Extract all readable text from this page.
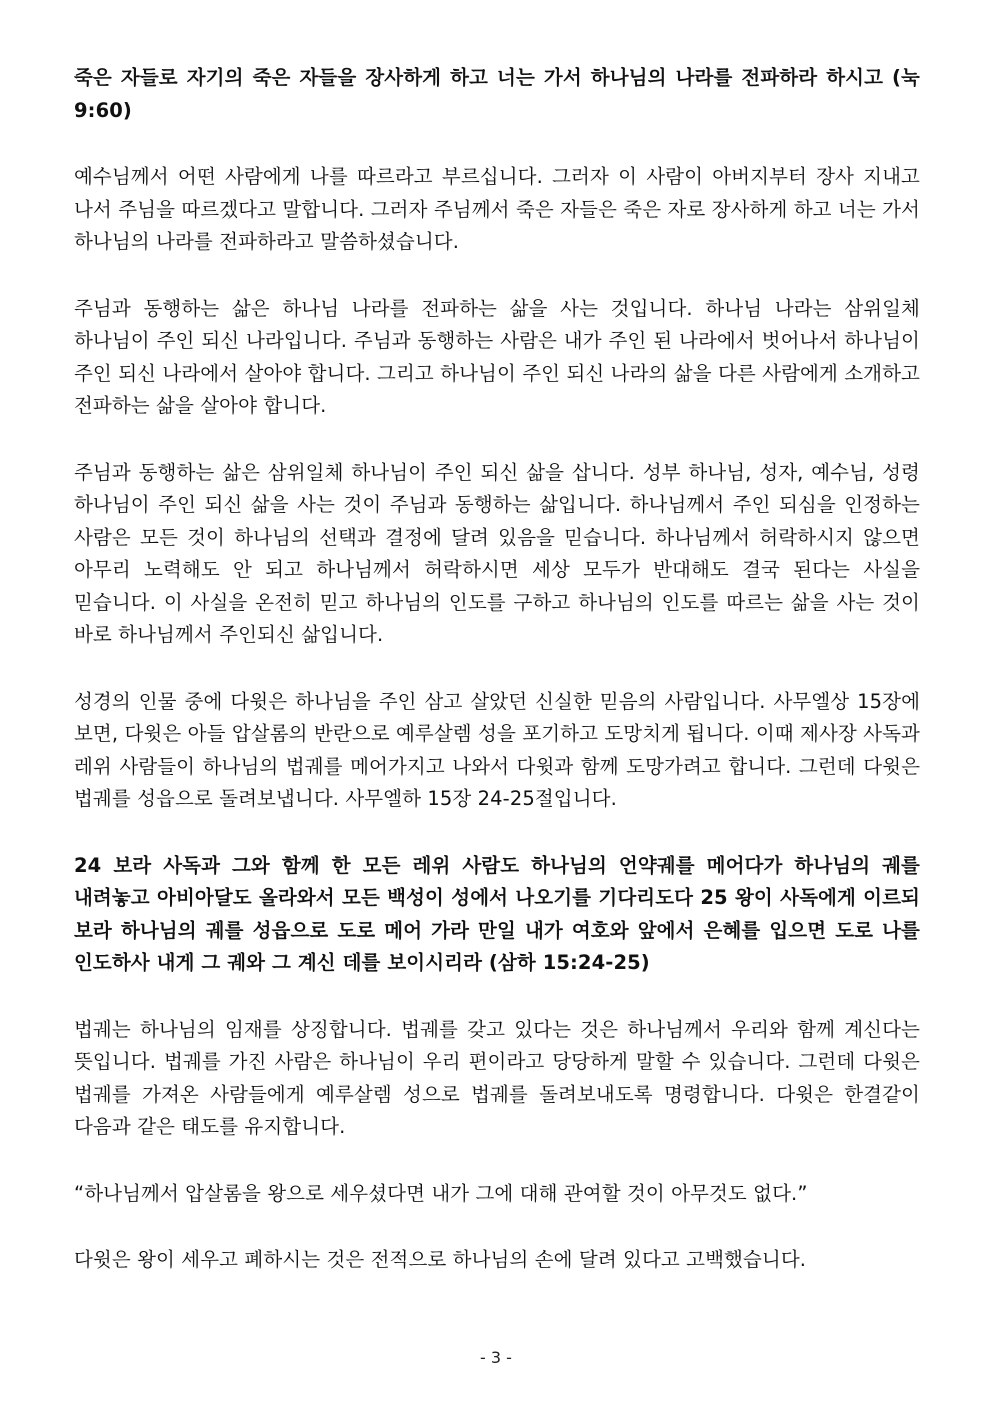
죽은 자들로 자기의 죽은 자들을 장사하게 하고 너는 가서 하나님의 나라를 전파하라 하시고 (눅 9:60)

예수님께서 어떤 사람에게 나를 따르라고 부르십니다. 그러자 이 사람이 아버지부터 장사 지내고 나서 주님을 따르겠다고 말합니다. 그러자 주님께서 죽은 자들은 죽은 자로 장사하게 하고 너는 가서 하나님의 나라를 전파하라고 말씀하셨습니다.

주님과 동행하는 삶은 하나님 나라를 전파하는 삶을 사는 것입니다. 하나님 나라는 삼위일체 하나님이 주인 되신 나라입니다. 주님과 동행하는 사람은 내가 주인 된 나라에서 벗어나서 하나님이 주인 되신 나라에서 살아야 합니다. 그리고 하나님이 주인 되신 나라의 삶을 다른 사람에게 소개하고 전파하는 삶을 살아야 합니다.

주님과 동행하는 삶은 삼위일체 하나님이 주인 되신 삶을 삽니다. 성부 하나님, 성자, 예수님, 성령 하나님이 주인 되신 삶을 사는 것이 주님과 동행하는 삶입니다. 하나님께서 주인 되심을 인정하는 사람은 모든 것이 하나님의 선택과 결정에 달려 있음을 믿습니다. 하나님께서 허락하시지 않으면 아무리 노력해도 안 되고 하나님께서 허락하시면 세상 모두가 반대해도 결국 된다는 사실을 믿습니다. 이 사실을 온전히 믿고 하나님의 인도를 구하고 하나님의 인도를 따르는 삶을 사는 것이 바로 하나님께서 주인되신 삶입니다.

성경의 인물 중에 다윗은 하나님을 주인 삼고 살았던 신실한 믿음의 사람입니다. 사무엘상 15장에 보면, 다윗은 아들 압살롬의 반란으로 예루살렘 성을 포기하고 도망치게 됩니다. 이때 제사장 사독과 레위 사람들이 하나님의 법궤를 메어가지고 나와서 다윗과 함께 도망가려고 합니다. 그런데 다윗은 법궤를 성읍으로 돌려보냅니다. 사무엘하 15장 24-25절입니다.

24 보라 사독과 그와 함께 한 모든 레위 사람도 하나님의 언약궤를 메어다가 하나님의 궤를 내려놓고 아비아달도 올라와서 모든 백성이 성에서 나오기를 기다리도다 25 왕이 사독에게 이르되 보라 하나님의 궤를 성읍으로 도로 메어 가라 만일 내가 여호와 앞에서 은혜를 입으면 도로 나를 인도하사 내게 그 궤와 그 계신 데를 보이시리라 (삼하 15:24-25)

법궤는 하나님의 임재를 상징합니다. 법궤를 갖고 있다는 것은 하나님께서 우리와 함께 계신다는 뜻입니다. 법궤를 가진 사람은 하나님이 우리 편이라고 당당하게 말할 수 있습니다. 그런데 다윗은 법궤를 가져온 사람들에게 예루살렘 성으로 법궤를 돌려보내도록 명령합니다. 다윗은 한결같이 다음과 같은 태도를 유지합니다.

“하나님께서 압살롬을 왕으로 세우셨다면 내가 그에 대해 관여할 것이 아무것도 없다.”

다윗은 왕이 세우고 폐하시는 것은 전적으로 하나님의 손에 달려 있다고 고백했습니다.

- 3 -
